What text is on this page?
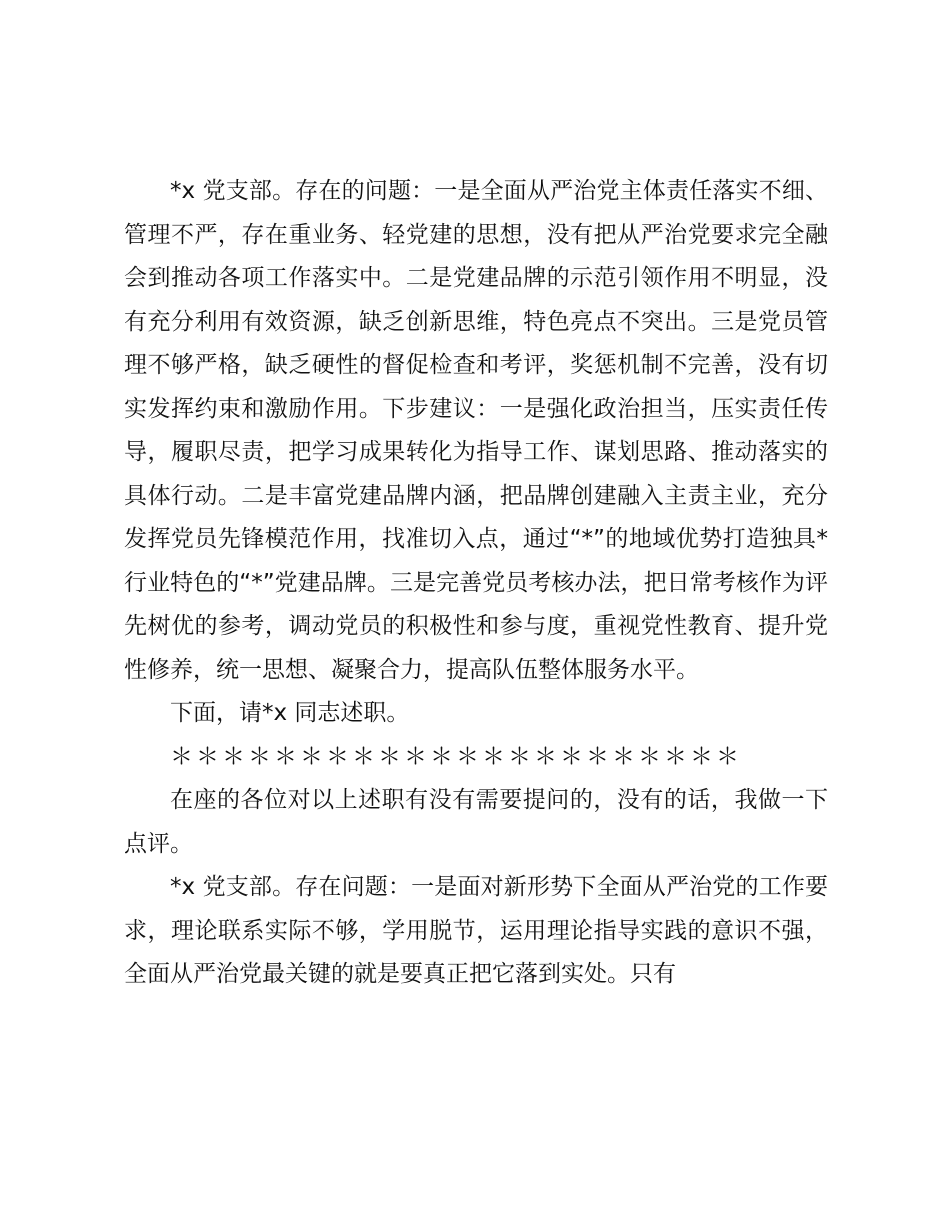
*x 党支部。存在的问题：一是全面从严治党主体责任落实不细、管理不严，存在重业务、轻党建的思想，没有把从严治党要求完全融会到推动各项工作落实中。二是党建品牌的示范引领作用不明显，没有充分利用有效资源，缺乏创新思维，特色亮点不突出。三是党员管理不够严格，缺乏硬性的督促检查和考评，奖惩机制不完善，没有切实发挥约束和激励作用。下步建议：一是强化政治担当，压实责任传导，履职尽责，把学习成果转化为指导工作、谋划思路、推动落实的具体行动。二是丰富党建品牌内涵，把品牌创建融入主责主业，充分发挥党员先锋模范作用，找准切入点，通过“*”的地域优势打造独具*行业特色的“*”党建品牌。三是完善党员考核办法，把日常考核作为评先树优的参考，调动党员的积极性和参与度，重视党性教育、提升党性修养，统一思想、凝聚合力，提高队伍整体服务水平。

下面，请*x 同志述职。

＊＊＊＊＊＊＊＊＊＊＊＊＊＊＊＊＊＊＊＊＊＊

在座的各位对以上述职有没有需要提问的，没有的话，我做一下点评。

*x 党支部。存在问题：一是面对新形势下全面从严治党的工作要求，理论联系实际不够，学用脱节，运用理论指导实践的意识不强，全面从严治党最关键的就是要真正把它落到实处。只有
